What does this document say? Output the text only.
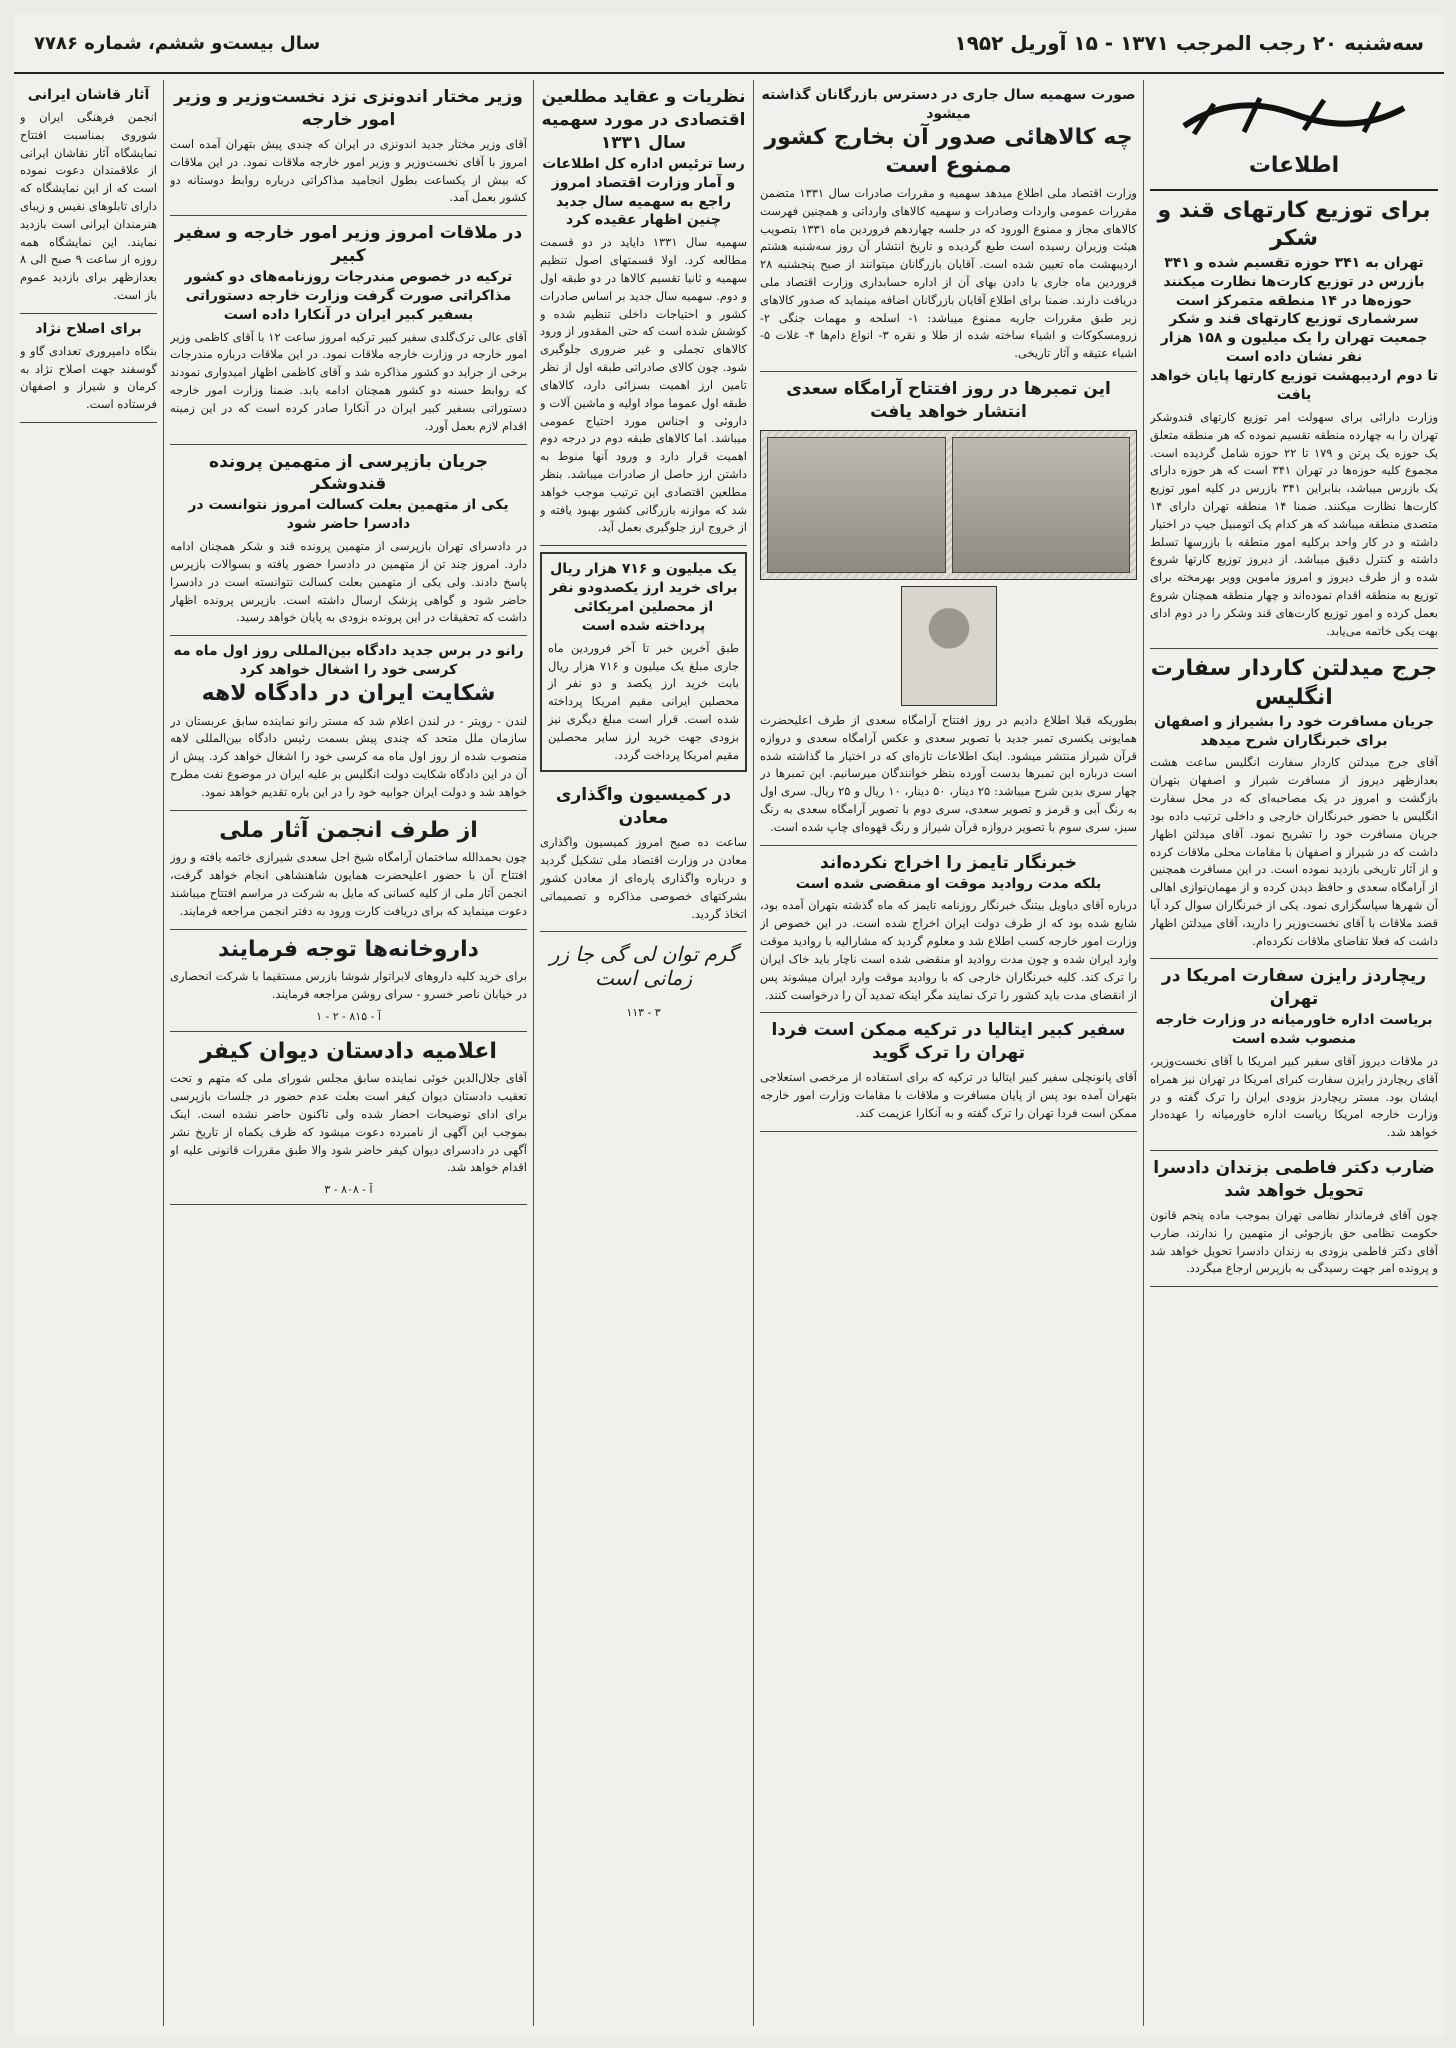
سه‌شنبه ۲۰ رجب المرجب ۱۳۷۱ - ۱۵ آوریل ۱۹۵۲
سال بیست‌و ششم، شماره ۷۷۸۶
اطلاعات
برای توزیع کارتهای قند و شکر
تهران به ۳۴۱ حوزه تقسیم شده و ۳۴۱ بازرس در توزیع کارت‌ها نظارت میکنند
حوزه‌ها در ۱۴ منطقه متمرکز است
سرشماری توزیع کارتهای قند و شکر جمعیت تهران را یک میلیون و ۱۵۸ هزار نفر نشان داده است
تا دوم اردیبهشت توزیع کارتها پایان خواهد یافت
وزارت دارائی برای سهولت امر توزیع کارتهای قندوشکر تهران را به چهارده منطقه تقسیم نموده که هر منطقه متعلق یک حوزه یک پرتن و ۱۷۹ تا ۲۲ حوزه شامل گردیده است. مجموع کلیه حوزه‌ها در تهران ۳۴۱ است که هر حوزه دارای یک بازرس میباشد، بنابراین ۳۴۱ بازرس در کلیه امور توزیع کارت‌ها نظارت میکنند. ضمنا ۱۴ منطقه تهران دارای ۱۴ متصدی منطقه میباشد که هر کدام یک اتومبیل جیپ در اختیار داشته و در کار واحد برکلیه امور منطقه با بازرسها تسلط داشته و کنترل دقیق میباشد. از دیروز توزیع کارتها شروع شده و از طرف دیروز و امروز ماموین وویر بهرمخته برای توزیع به منطقه اقدام نموده‌اند و چهار منطقه همچنان شروع بعمل کرده و امور توزیع کارت‌های قند وشکر را در دوم ادای بهت یکی خاتمه می‌یابد.
جرج میدلتن کاردار سفارت انگلیس
جریان مسافرت خود را بشیراز و اصفهان برای خبرنگاران شرح میدهد
آقای جرج میدلتن کاردار سفارت انگلیس ساعت هشت بعدازظهر دیروز از مسافرت شیراز و اصفهان بتهران بازگشت و امروز در یک مصاحبه‌ای که در محل سفارت انگلیس با حضور خبرنگاران خارجی و داخلی ترتیب داده بود جریان مسافرت خود را تشریح نمود. آقای میدلتن اظهار داشت که در شیراز و اصفهان با مقامات محلی ملاقات کرده و از آثار تاریخی بازدید نموده است. در این مسافرت همچنین از آرامگاه سعدی و حافظ دیدن کرده و از مهمان‌نوازی اهالی آن شهرها سپاسگزاری نمود. یکی از خبرنگاران سوال کرد آیا قصد ملاقات با آقای نخست‌وزیر را دارید، آقای میدلتن اظهار داشت که فعلا تقاضای ملاقات نکرده‌ام.
ریچاردز رایزن سفارت امریکا در تهران
بریاست اداره خاورمیانه در وزارت خارجه منصوب شده است
در ملاقات دیروز آقای سفیر کبیر امریکا با آقای نخست‌وزیر، آقای ریچاردز رایزن سفارت کبرای امریکا در تهران نیز همراه ایشان بود. مستر ریچاردز بزودی ایران را ترک گفته و در وزارت خارجه امریکا ریاست اداره خاورمیانه را عهده‌دار خواهد شد.
ضارب دکتر فاطمی بزندان دادسرا تحویل خواهد شد
چون آقای فرماندار نظامی تهران بموجب ماده پنجم قانون حکومت نظامی حق بازجوئی از متهمین را ندارند، ضارب آقای دکتر فاطمی بزودی به زندان دادسرا تحویل خواهد شد و پرونده امر جهت رسیدگی به بازپرس ارجاع میگردد.
صورت سهمیه سال جاری در دسترس بازرگانان گذاشته میشود
چه کالاهائی صدور آن بخارج کشور ممنوع است
وزارت اقتصاد ملی اطلاع میدهد سهمیه و مقررات صادرات سال ۱۳۳۱ متضمن مقررات عمومی واردات وصادرات و سهمیه کالاهای وارداتی و همچنین فهرست کالاهای مجاز و ممنوع الورود که در جلسه چهاردهم فروردین ماه ۱۳۳۱ بتصویب هیئت وزیران رسیده است طبع گردیده و تاریخ انتشار آن روز سه‌شنبه هشتم اردیبهشت ماه تعیین شده است. آقایان بازرگانان میتوانند از صبح پنجشنبه ۲۸ فروردین ماه جاری با دادن بهای آن از اداره حسابداری وزارت اقتصاد ملی دریافت دارند. ضمنا برای اطلاع آقایان بازرگانان اضافه مینماید که صدور کالاهای زیر طبق مقررات جاریه ممنوع میباشد: ۱- اسلحه و مهمات جنگی ۲- زرومسکوکات و اشیاء ساخته شده از طلا و نقره ۳- انواع دام‌ها ۴- غلات ۵- اشیاء عتیقه و آثار تاریخی.
این تمبرها در روز افتتاح آرامگاه سعدی انتشار خواهد یافت
بطوریکه قبلا اطلاع دادیم در روز افتتاح آرامگاه سعدی از طرف اعلیحضرت همایونی یکسری تمبر جدید با تصویر سعدی و عکس آرامگاه سعدی و دروازه قرآن شیراز منتشر میشود. اینک اطلاعات تازه‌ای که در اختیار ما گذاشته شده است درباره این تمبرها بدست آورده بنظر خوانندگان میرسانیم. این تمبرها در چهار سری بدین شرح میباشد: ۲۵ دینار، ۵۰ دینار، ۱۰ ریال و ۲۵ ریال. سری اول به رنگ آبی و قرمز و تصویر سعدی، سری دوم با تصویر آرامگاه سعدی به رنگ سبز، سری سوم با تصویر دروازه قرآن شیراز و رنگ قهوه‌ای چاپ شده است.
خبرنگار تایمز را اخراج نکرده‌اند
بلکه مدت روادید موقت او منقضی شده است
درباره آقای دیاویل بیتنگ خبرنگار روزنامه تایمز که ماه گذشته بتهران آمده بود، شایع شده بود که از طرف دولت ایران اخراج شده است. در این خصوص از وزارت امور خارجه کسب اطلاع شد و معلوم گردید که مشارالیه با روادید موقت وارد ایران شده و چون مدت روادید او منقضی شده است ناچار باید خاک ایران را ترک کند. کلیه خبرنگاران خارجی که با روادید موقت وارد ایران میشوند پس از انقضای مدت باید کشور را ترک نمایند مگر اینکه تمدید آن را درخواست کنند.
سفیر کبیر ایتالیا در ترکیه ممکن است فردا تهران را ترک گوید
آقای پانونچلی سفیر کبیر ایتالیا در ترکیه که برای استفاده از مرخصی استعلاجی بتهران آمده بود پس از پایان مسافرت و ملاقات با مقامات وزارت امور خارجه ممکن است فردا تهران را ترک گفته و به آنکارا عزیمت کند.
نظریات و عقاید مطلعین اقتصادی در مورد سهمیه سال ۱۳۳۱
رسا ترئیس اداره کل اطلاعات و آمار وزارت اقتصاد امروز راجع به سهمیه سال جدید چنین اظهار عقیده کرد
سهمیه سال ۱۳۳۱ دایاید در دو قسمت مطالعه کرد. اولا قسمتهای اصول تنظیم سهمیه و ثانیا تقسیم کالاها در دو طبقه اول و دوم. سهمیه سال جدید بر اساس صادرات کشور و احتیاجات داخلی تنظیم شده و کوشش شده است که حتی المقدور از ورود کالاهای تجملی و غیر ضروری جلوگیری شود. چون کالای صادراتی طبقه اول از نظر تامین ارز اهمیت بسزائی دارد، کالاهای طبقه اول عموما مواد اولیه و ماشین آلات و داروئی و اجناس مورد احتیاج عمومی میباشد. اما کالاهای طبقه دوم در درجه دوم اهمیت قرار دارد و ورود آنها منوط به داشتن ارز حاصل از صادرات میباشد. بنظر مطلعین اقتصادی این ترتیب موجب خواهد شد که موازنه بازرگانی کشور بهبود یافته و از خروج ارز جلوگیری بعمل آید.
یک میلیون و ۷۱۶ هزار ریال برای خرید ارز یکصدودو نفر از محصلین امریکائی پرداخته شده است
طبق آخرین خبر تا آخر فروردین ماه جاری مبلغ یک میلیون و ۷۱۶ هزار ریال بابت خرید ارز یکصد و دو نفر از محصلین ایرانی مقیم امریکا پرداخته شده است. قرار است مبلغ دیگری نیز بزودی جهت خرید ارز سایر محصلین مقیم امریکا پرداخت گردد.
در کمیسیون واگذاری معادن
ساعت ده صبح امروز کمیسیون واگذاری معادن در وزارت اقتصاد ملی تشکیل گردید و درباره واگذاری پاره‌ای از معادن کشور بشرکتهای خصوصی مذاکره و تصمیماتی اتخاذ گردید.
گرم توان لی گی جا زر زمانی است
۳ - ۱۱۳
وزیر مختار اندونزی نزد نخست‌وزیر و وزیر امور خارجه
آقای وزیر مختار جدید اندونزی در ایران که چندی پیش بتهران آمده است امروز با آقای نخست‌وزیر و وزیر امور خارجه ملاقات نمود. در این ملاقات که بیش از یکساعت بطول انجامید مذاکراتی درباره روابط دوستانه دو کشور بعمل آمد.
در ملاقات امروز وزیر امور خارجه و سفیر کبیر
ترکیه در خصوص مندرجات روزنامه‌های دو کشور مذاکراتی صورت گرفت وزارت خارجه دستوراتی بسفیر کبیر ایران در آنکارا داده است
آقای عالی ترک‌گلدی سفیر کبیر ترکیه امروز ساعت ۱۲ با آقای کاظمی وزیر امور خارجه در وزارت خارجه ملاقات نمود. در این ملاقات درباره مندرجات برخی از جراید دو کشور مذاکره شد و آقای کاظمی اظهار امیدواری نمودند که روابط حسنه دو کشور همچنان ادامه یابد. ضمنا وزارت امور خارجه دستوراتی بسفیر کبیر ایران در آنکارا صادر کرده است که در این زمینه اقدام لازم بعمل آورد.
جریان بازپرسی از متهمین پرونده قندوشکر
یکی از متهمین بعلت کسالت امروز نتوانست در دادسرا حاضر شود
در دادسرای تهران بازپرسی از متهمین پرونده قند و شکر همچنان ادامه دارد. امروز چند تن از متهمین در دادسرا حضور یافته و بسوالات بازپرس پاسخ دادند. ولی یکی از متهمین بعلت کسالت نتوانسته است در دادسرا حاضر شود و گواهی پزشک ارسال داشته است. بازپرس پرونده اظهار داشت که تحقیقات در این پرونده بزودی به پایان خواهد رسید.
رانو در برس جدید دادگاه بین‌المللی روز اول ماه مه کرسی خود را اشغال خواهد کرد
شکایت ایران در دادگاه لاهه
لندن - رویتر - در لندن اعلام شد که مستر رانو نماینده سابق عربستان در سازمان ملل متحد که چندی پیش بسمت رئیس دادگاه بین‌المللی لاهه منصوب شده از روز اول ماه مه کرسی خود را اشغال خواهد کرد. پیش از آن در این دادگاه شکایت دولت انگلیس بر علیه ایران در موضوع نفت مطرح خواهد شد و دولت ایران جوابیه خود را در این باره تقدیم خواهد نمود.
از طرف انجمن آثار ملی
چون بحمدالله ساختمان آرامگاه شیخ اجل سعدی شیرازی خاتمه یافته و روز افتتاح آن با حضور اعلیحضرت همایون شاهنشاهی انجام خواهد گرفت، انجمن آثار ملی از کلیه کسانی که مایل به شرکت در مراسم افتتاح میباشند دعوت مینماید که برای دریافت کارت ورود به دفتر انجمن مراجعه فرمایند.
داروخانه‌ها توجه فرمایند
برای خرید کلیه داروهای لابراتوار شوشا بازرس مستقیما با شرکت انحصاری در خیابان ناصر خسرو - سرای روشن مراجعه فرمایند.
آ - ۸۱۵ - ۲ - ۱
اعلامیه دادستان دیوان کیفر
آقای جلال‌الدین خوئی نماینده سابق مجلس شورای ملی که متهم و تحت تعقیب دادستان دیوان کیفر است بعلت عدم حضور در جلسات بازپرسی برای ادای توضیحات احضار شده ولی تاکنون حاضر نشده است. اینک بموجب این آگهی از نامبرده دعوت میشود که ظرف یکماه از تاریخ نشر آگهی در دادسرای دیوان کیفر حاضر شود والا طبق مقررات قانونی علیه او اقدام خواهد شد.
آ - ۸۰۸ - ۳
آثار قاشان ایرانی
انجمن فرهنگی ایران و شوروی بمناسبت افتتاح نمایشگاه آثار نقاشان ایرانی از علاقمندان دعوت نموده است که از این نمایشگاه که دارای تابلوهای نفیس و زیبای هنرمندان ایرانی است بازدید نمایند. این نمایشگاه همه روزه از ساعت ۹ صبح الی ۸ بعدازظهر برای بازدید عموم باز است.
برای اصلاح نژاد
بنگاه دامپروری تعدادی گاو و گوسفند جهت اصلاح نژاد به کرمان و شیراز و اصفهان فرستاده است.
